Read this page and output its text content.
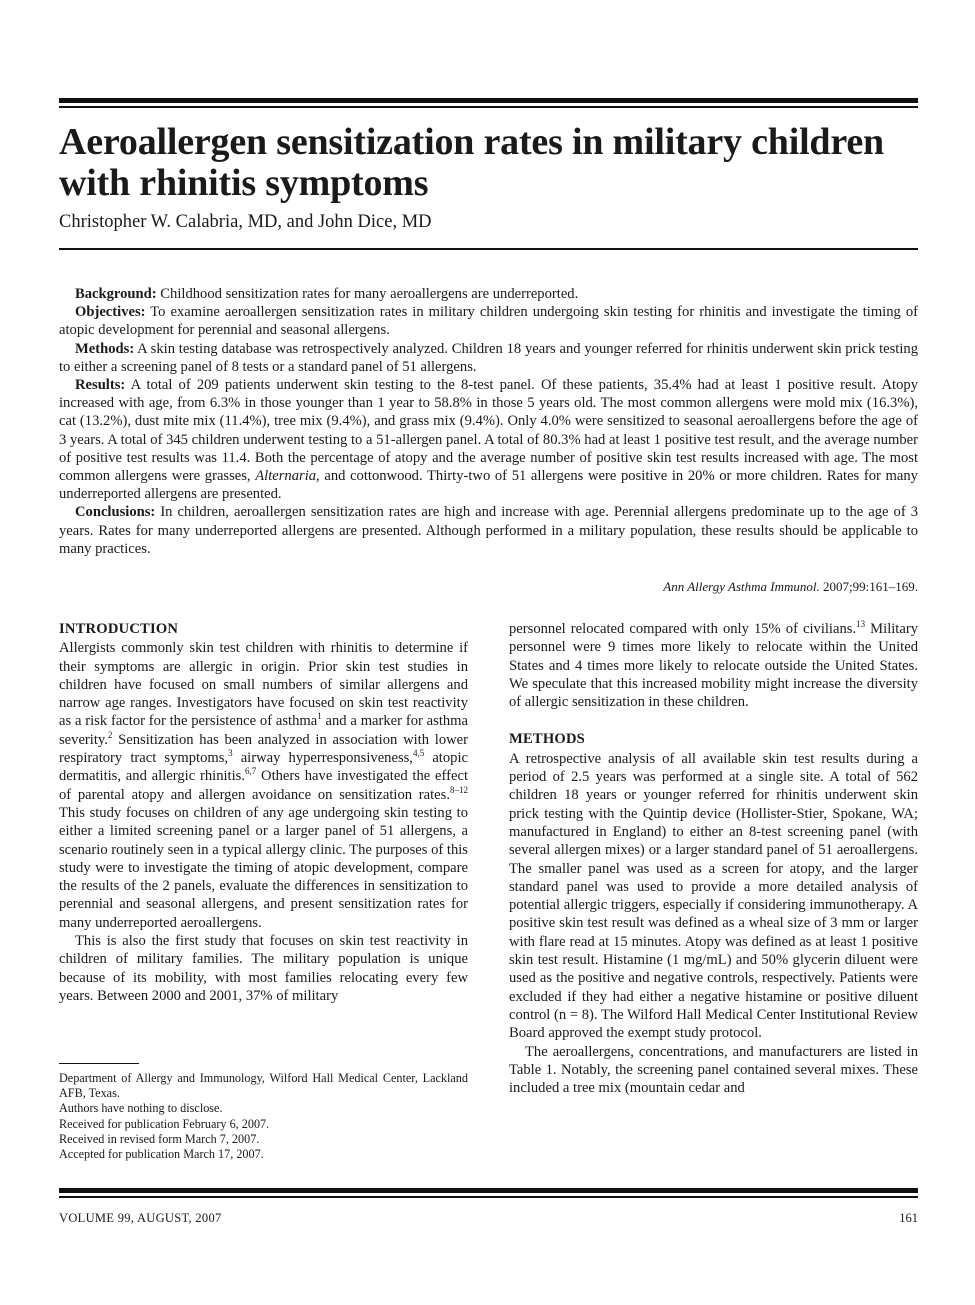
Aeroallergen sensitization rates in military children with rhinitis symptoms
Christopher W. Calabria, MD, and John Dice, MD

Background: Childhood sensitization rates for many aeroallergens are underreported.

Objectives: To examine aeroallergen sensitization rates in military children undergoing skin testing for rhinitis and investigate the timing of atopic development for perennial and seasonal allergens.

Methods: A skin testing database was retrospectively analyzed. Children 18 years and younger referred for rhinitis underwent skin prick testing to either a screening panel of 8 tests or a standard panel of 51 allergens.

Results: A total of 209 patients underwent skin testing to the 8-test panel. Of these patients, 35.4% had at least 1 positive result. Atopy increased with age, from 6.3% in those younger than 1 year to 58.8% in those 5 years old. The most common allergens were mold mix (16.3%), cat (13.2%), dust mite mix (11.4%), tree mix (9.4%), and grass mix (9.4%). Only 4.0% were sensitized to seasonal aeroallergens before the age of 3 years. A total of 345 children underwent testing to a 51-allergen panel. A total of 80.3% had at least 1 positive test result, and the average number of positive test results was 11.4. Both the percentage of atopy and the average number of positive skin test results increased with age. The most common allergens were grasses, Alternaria, and cottonwood. Thirty-two of 51 allergens were positive in 20% or more children. Rates for many underreported allergens are presented.

Conclusions: In children, aeroallergen sensitization rates are high and increase with age. Perennial allergens predominate up to the age of 3 years. Rates for many underreported allergens are presented. Although performed in a military population, these results should be applicable to many practices.

Ann Allergy Asthma Immunol. 2007;99:161–169.
INTRODUCTION

Allergists commonly skin test children with rhinitis to determine if their symptoms are allergic in origin. Prior skin test studies in children have focused on small numbers of similar allergens and narrow age ranges. Investigators have focused on skin test reactivity as a risk factor for the persistence of asthma$^1$ and a marker for asthma severity.$^2$ Sensitization has been analyzed in association with lower respiratory tract symptoms,$^3$ airway hyperresponsiveness,$^{4,5}$ atopic dermatitis, and allergic rhinitis.$^{6,7}$ Others have investigated the effect of parental atopy and allergen avoidance on sensitization rates.$^{8-12}$ This study focuses on children of any age undergoing skin testing to either a limited screening panel or a larger panel of 51 allergens, a scenario routinely seen in a typical allergy clinic. The purposes of this study were to investigate the timing of atopic development, compare the results of the 2 panels, evaluate the differences in sensitization to perennial and seasonal allergens, and present sensitization rates for many underreported aeroallergens.

This is also the first study that focuses on skin test reactivity in children of military families. The military population is unique because of its mobility, with most families relocating every few years. Between 2000 and 2001, 37% of military

Department of Allergy and Immunology, Wilford Hall Medical Center, Lackland AFB, Texas.
Authors have nothing to disclose.
Received for publication February 6, 2007.
Received in revised form March 7, 2007.
Accepted for publication March 17, 2007.

personnel relocated compared with only 15% of civilians.$^{13}$ Military personnel were 9 times more likely to relocate within the United States and 4 times more likely to relocate outside the United States. We speculate that this increased mobility might increase the diversity of allergic sensitization in these children.

METHODS

A retrospective analysis of all available skin test results during a period of 2.5 years was performed at a single site. A total of 562 children 18 years or younger referred for rhinitis underwent skin prick testing with the Quintip device (Hollister-Stier, Spokane, WA; manufactured in England) to either an 8-test screening panel (with several allergen mixes) or a larger standard panel of 51 aeroallergens. The smaller panel was used as a screen for atopy, and the larger standard panel was used to provide a more detailed analysis of potential allergic triggers, especially if considering immunotherapy. A positive skin test result was defined as a wheal size of 3 mm or larger with flare read at 15 minutes. Atopy was defined as at least 1 positive skin test result. Histamine (1 mg/mL) and 50% glycerin diluent were used as the positive and negative controls, respectively. Patients were excluded if they had either a negative histamine or positive diluent control (n = 8). The Wilford Hall Medical Center Institutional Review Board approved the exempt study protocol.

The aeroallergens, concentrations, and manufacturers are listed in Table 1. Notably, the screening panel contained several mixes. These included a tree mix (mountain cedar and

VOLUME 99, AUGUST, 2007	161
